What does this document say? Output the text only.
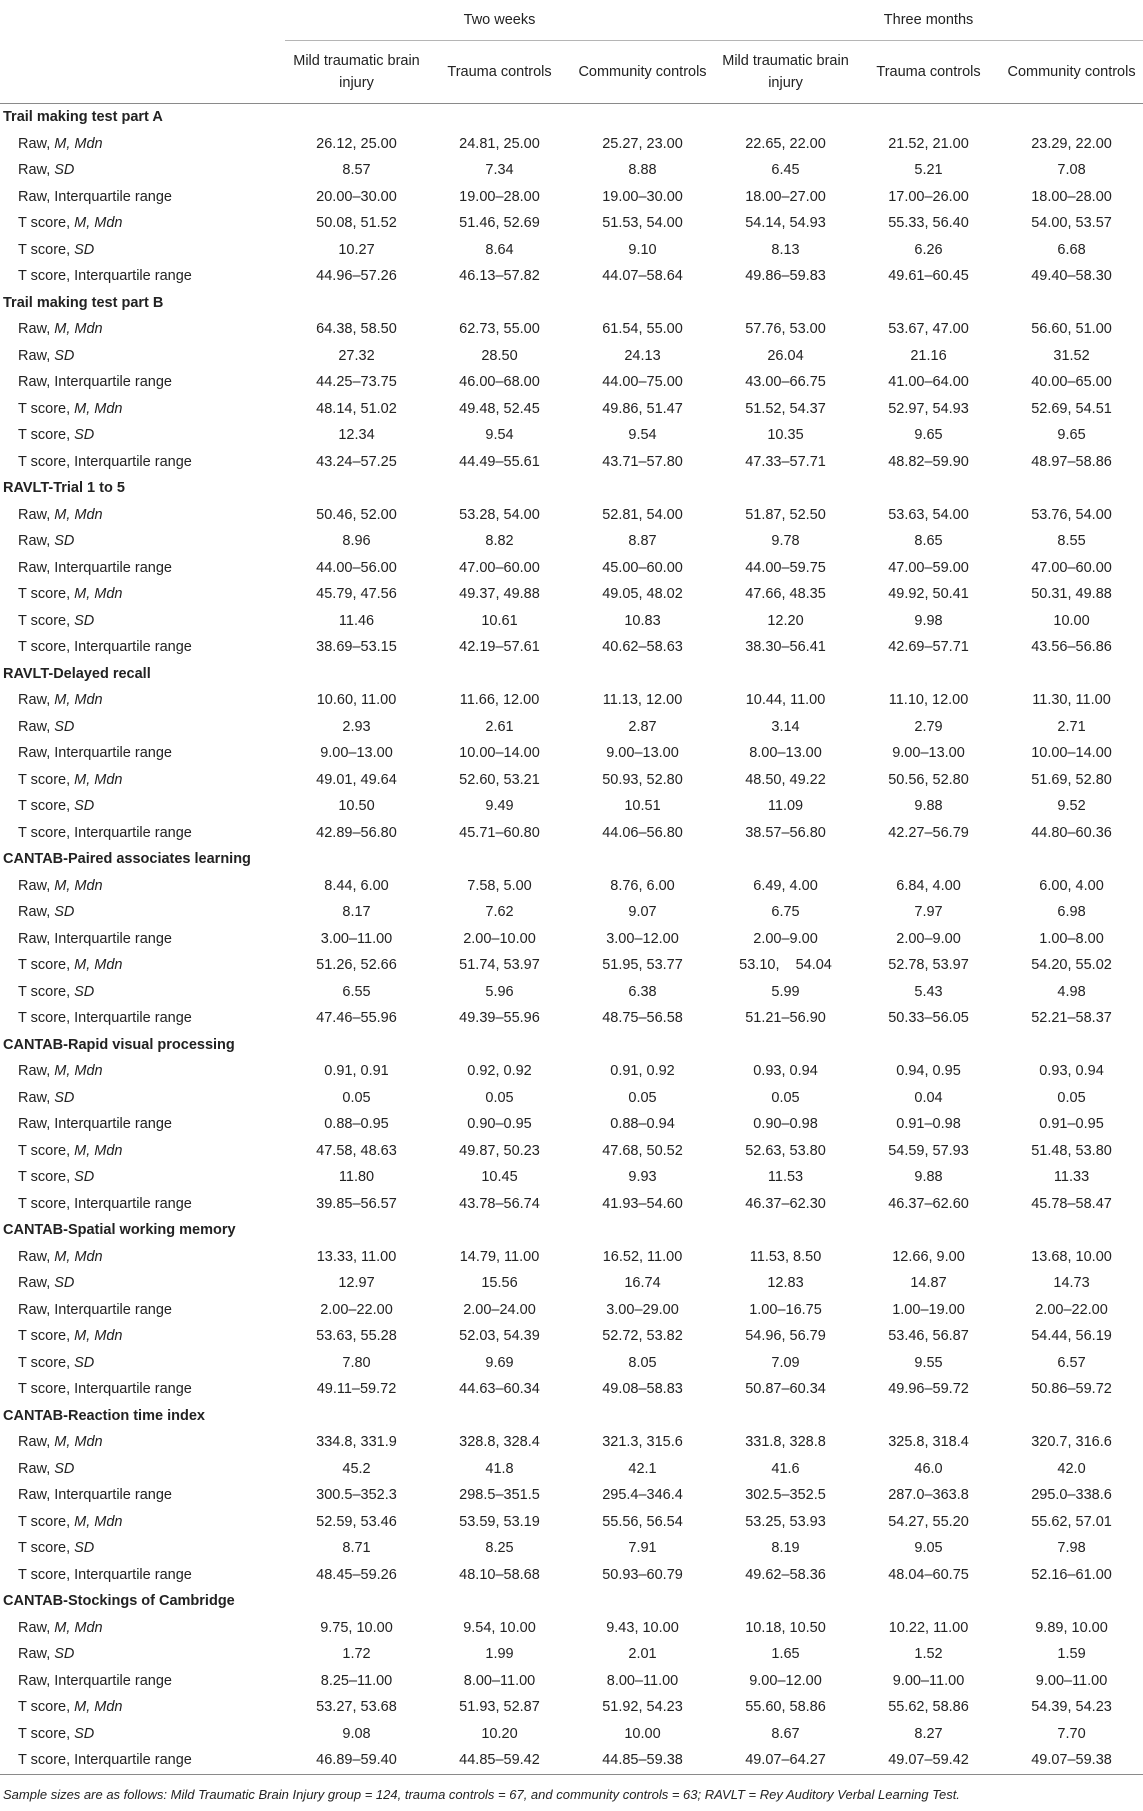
	Two weeks			Three months		
	Mild traumatic brain injury	Trauma controls	Community controls	Mild traumatic brain injury	Trauma controls	Community controls
Trail making test part A						
Raw, M, Mdn	26.12, 25.00	24.81, 25.00	25.27, 23.00	22.65, 22.00	21.52, 21.00	23.29, 22.00
Raw, SD	8.57	7.34	8.88	6.45	5.21	7.08
Raw, Interquartile range	20.00–30.00	19.00–28.00	19.00–30.00	18.00–27.00	17.00–26.00	18.00–28.00
T score, M, Mdn	50.08, 51.52	51.46, 52.69	51.53, 54.00	54.14, 54.93	55.33, 56.40	54.00, 53.57
T score, SD	10.27	8.64	9.10	8.13	6.26	6.68
T score, Interquartile range	44.96–57.26	46.13–57.82	44.07–58.64	49.86–59.83	49.61–60.45	49.40–58.30
Trail making test part B						
Raw, M, Mdn	64.38, 58.50	62.73, 55.00	61.54, 55.00	57.76, 53.00	53.67, 47.00	56.60, 51.00
Raw, SD	27.32	28.50	24.13	26.04	21.16	31.52
Raw, Interquartile range	44.25–73.75	46.00–68.00	44.00–75.00	43.00–66.75	41.00–64.00	40.00–65.00
T score, M, Mdn	48.14, 51.02	49.48, 52.45	49.86, 51.47	51.52, 54.37	52.97, 54.93	52.69, 54.51
T score, SD	12.34	9.54	9.54	10.35	9.65	9.65
T score, Interquartile range	43.24–57.25	44.49–55.61	43.71–57.80	47.33–57.71	48.82–59.90	48.97–58.86
RAVLT-Trial 1 to 5						
Raw, M, Mdn	50.46, 52.00	53.28, 54.00	52.81, 54.00	51.87, 52.50	53.63, 54.00	53.76, 54.00
Raw, SD	8.96	8.82	8.87	9.78	8.65	8.55
Raw, Interquartile range	44.00–56.00	47.00–60.00	45.00–60.00	44.00–59.75	47.00–59.00	47.00–60.00
T score, M, Mdn	45.79, 47.56	49.37, 49.88	49.05, 48.02	47.66, 48.35	49.92, 50.41	50.31, 49.88
T score, SD	11.46	10.61	10.83	12.20	9.98	10.00
T score, Interquartile range	38.69–53.15	42.19–57.61	40.62–58.63	38.30–56.41	42.69–57.71	43.56–56.86
RAVLT-Delayed recall						
Raw, M, Mdn	10.60, 11.00	11.66, 12.00	11.13, 12.00	10.44, 11.00	11.10, 12.00	11.30, 11.00
Raw, SD	2.93	2.61	2.87	3.14	2.79	2.71
Raw, Interquartile range	9.00–13.00	10.00–14.00	9.00–13.00	8.00–13.00	9.00–13.00	10.00–14.00
T score, M, Mdn	49.01, 49.64	52.60, 53.21	50.93, 52.80	48.50, 49.22	50.56, 52.80	51.69, 52.80
T score, SD	10.50	9.49	10.51	11.09	9.88	9.52
T score, Interquartile range	42.89–56.80	45.71–60.80	44.06–56.80	38.57–56.80	42.27–56.79	44.80–60.36
CANTAB-Paired associates learning						
Raw, M, Mdn	8.44, 6.00	7.58, 5.00	8.76, 6.00	6.49, 4.00	6.84, 4.00	6.00, 4.00
Raw, SD	8.17	7.62	9.07	6.75	7.97	6.98
Raw, Interquartile range	3.00–11.00	2.00–10.00	3.00–12.00	2.00–9.00	2.00–9.00	1.00–8.00
T score, M, Mdn	51.26, 52.66	51.74, 53.97	51.95, 53.77	53.10,    54.04	52.78, 53.97	54.20, 55.02
T score, SD	6.55	5.96	6.38	5.99	5.43	4.98
T score, Interquartile range	47.46–55.96	49.39–55.96	48.75–56.58	51.21–56.90	50.33–56.05	52.21–58.37
CANTAB-Rapid visual processing						
Raw, M, Mdn	0.91, 0.91	0.92, 0.92	0.91, 0.92	0.93, 0.94	0.94, 0.95	0.93, 0.94
Raw, SD	0.05	0.05	0.05	0.05	0.04	0.05
Raw, Interquartile range	0.88–0.95	0.90–0.95	0.88–0.94	0.90–0.98	0.91–0.98	0.91–0.95
T score, M, Mdn	47.58, 48.63	49.87, 50.23	47.68, 50.52	52.63, 53.80	54.59, 57.93	51.48, 53.80
T score, SD	11.80	10.45	9.93	11.53	9.88	11.33
T score, Interquartile range	39.85–56.57	43.78–56.74	41.93–54.60	46.37–62.30	46.37–62.60	45.78–58.47
CANTAB-Spatial working memory						
Raw, M, Mdn	13.33, 11.00	14.79, 11.00	16.52, 11.00	11.53, 8.50	12.66, 9.00	13.68, 10.00
Raw, SD	12.97	15.56	16.74	12.83	14.87	14.73
Raw, Interquartile range	2.00–22.00	2.00–24.00	3.00–29.00	1.00–16.75	1.00–19.00	2.00–22.00
T score, M, Mdn	53.63, 55.28	52.03, 54.39	52.72, 53.82	54.96, 56.79	53.46, 56.87	54.44, 56.19
T score, SD	7.80	9.69	8.05	7.09	9.55	6.57
T score, Interquartile range	49.11–59.72	44.63–60.34	49.08–58.83	50.87–60.34	49.96–59.72	50.86–59.72
CANTAB-Reaction time index						
Raw, M, Mdn	334.8, 331.9	328.8, 328.4	321.3, 315.6	331.8, 328.8	325.8, 318.4	320.7, 316.6
Raw, SD	45.2	41.8	42.1	41.6	46.0	42.0
Raw, Interquartile range	300.5–352.3	298.5–351.5	295.4–346.4	302.5–352.5	287.0–363.8	295.0–338.6
T score, M, Mdn	52.59, 53.46	53.59, 53.19	55.56, 56.54	53.25, 53.93	54.27, 55.20	55.62, 57.01
T score, SD	8.71	8.25	7.91	8.19	9.05	7.98
T score, Interquartile range	48.45–59.26	48.10–58.68	50.93–60.79	49.62–58.36	48.04–60.75	52.16–61.00
CANTAB-Stockings of Cambridge						
Raw, M, Mdn	9.75, 10.00	9.54, 10.00	9.43, 10.00	10.18, 10.50	10.22, 11.00	9.89, 10.00
Raw, SD	1.72	1.99	2.01	1.65	1.52	1.59
Raw, Interquartile range	8.25–11.00	8.00–11.00	8.00–11.00	9.00–12.00	9.00–11.00	9.00–11.00
T score, M, Mdn	53.27, 53.68	51.93, 52.87	51.92, 54.23	55.60, 58.86	55.62, 58.86	54.39, 54.23
T score, SD	9.08	10.20	10.00	8.67	8.27	7.70
T score, Interquartile range	46.89–59.40	44.85–59.42	44.85–59.38	49.07–64.27	49.07–59.42	49.07–59.38
Sample sizes are as follows: Mild Traumatic Brain Injury group = 124, trauma controls = 67, and community controls = 63; RAVLT = Rey Auditory Verbal Learning Test.
